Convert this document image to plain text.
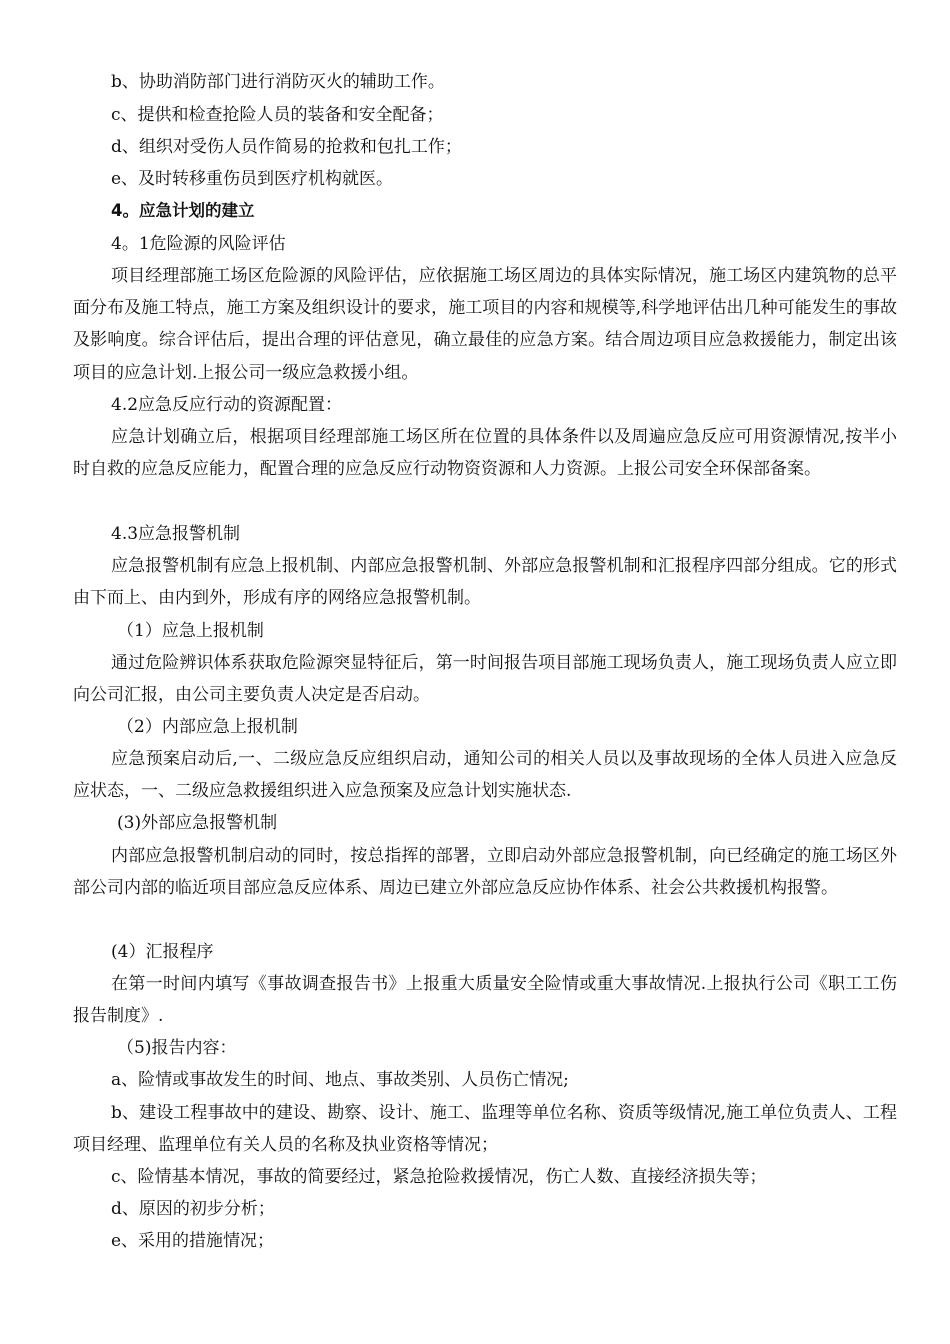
b、协助消防部门进行消防灭火的辅助工作。

c、提供和检查抢险人员的装备和安全配备；

d、组织对受伤人员作简易的抢救和包扎工作；

e、及时转移重伤员到医疗机构就医。

4。应急计划的建立

4。1危险源的风险评估

项目经理部施工场区危险源的风险评估，应依据施工场区周边的具体实际情况，施工场区内建筑物的总平面分布及施工特点，施工方案及组织设计的要求，施工项目的内容和规模等,科学地评估出几种可能发生的事故及影响度。综合评估后，提出合理的评估意见，确立最佳的应急方案。结合周边项目应急救援能力，制定出该项目的应急计划.上报公司一级应急救援小组。

4.2应急反应行动的资源配置：

应急计划确立后，根据项目经理部施工场区所在位置的具体条件以及周遍应急反应可用资源情况,按半小时自救的应急反应能力，配置合理的应急反应行动物资资源和人力资源。上报公司安全环保部备案。

4.3应急报警机制

应急报警机制有应急上报机制、内部应急报警机制、外部应急报警机制和汇报程序四部分组成。它的形式由下而上、由内到外，形成有序的网络应急报警机制。

（1）应急上报机制

通过危险辨识体系获取危险源突显特征后，第一时间报告项目部施工现场负责人，施工现场负责人应立即向公司汇报，由公司主要负责人决定是否启动。

（2）内部应急上报机制

应急预案启动后,一、二级应急反应组织启动，通知公司的相关人员以及事故现场的全体人员进入应急反应状态，一、二级应急救援组织进入应急预案及应急计划实施状态.

(3)外部应急报警机制

内部应急报警机制启动的同时，按总指挥的部署，立即启动外部应急报警机制，向已经确定的施工场区外部公司内部的临近项目部应急反应体系、周边已建立外部应急反应协作体系、社会公共救援机构报警。

(4）汇报程序

在第一时间内填写《事故调查报告书》上报重大质量安全险情或重大事故情况.上报执行公司《职工工伤报告制度》.

（5)报告内容：

a、险情或事故发生的时间、地点、事故类别、人员伤亡情况;

b、建设工程事故中的建设、勘察、设计、施工、监理等单位名称、资质等级情况,施工单位负责人、工程项目经理、监理单位有关人员的名称及执业资格等情况；

c、险情基本情况，事故的简要经过，紧急抢险救援情况，伤亡人数、直接经济损失等；

d、原因的初步分析；

e、采用的措施情况；
